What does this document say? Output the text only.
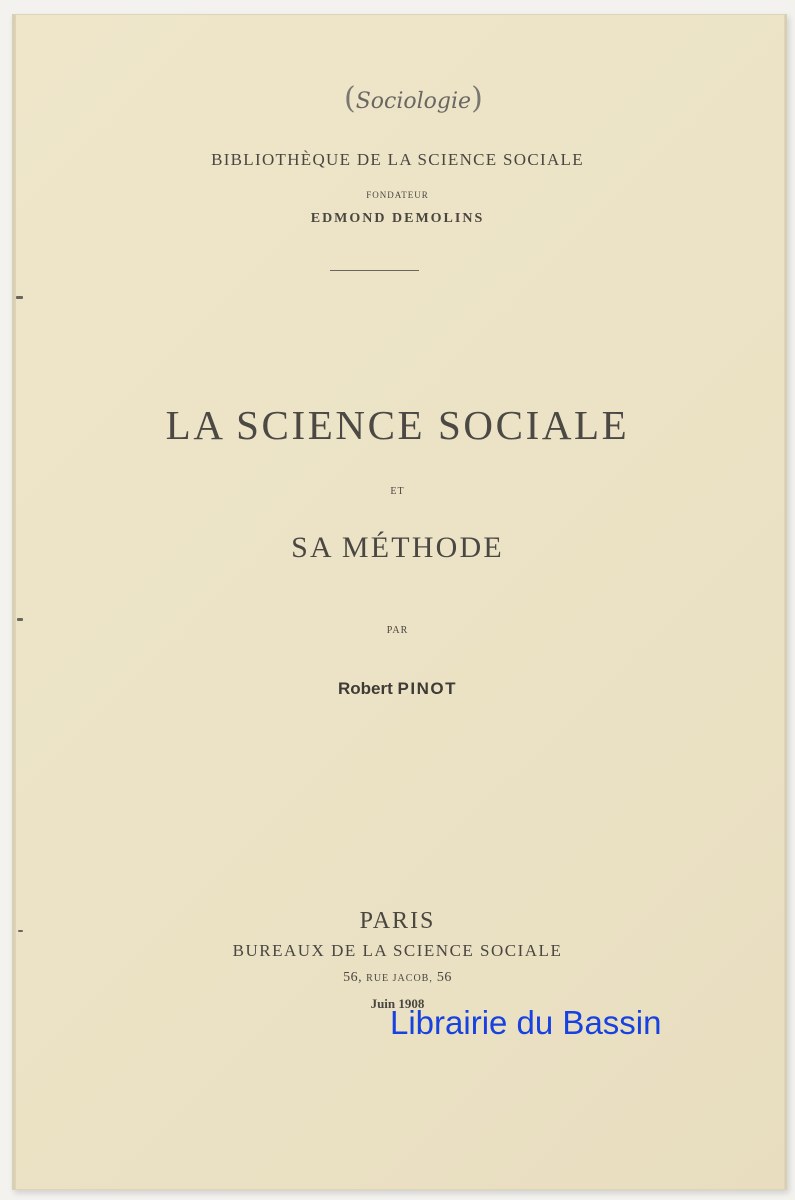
(Sociologie)
BIBLIOTHÈQUE DE LA SCIENCE SOCIALE
FONDATEUR
EDMOND DEMOLINS
LA SCIENCE SOCIALE
ET
SA MÉTHODE
PAR
Robert PINOT
PARIS
BUREAUX DE LA SCIENCE SOCIALE
56, RUE JACOB, 56
Juin 1908
Librairie du Bassin
